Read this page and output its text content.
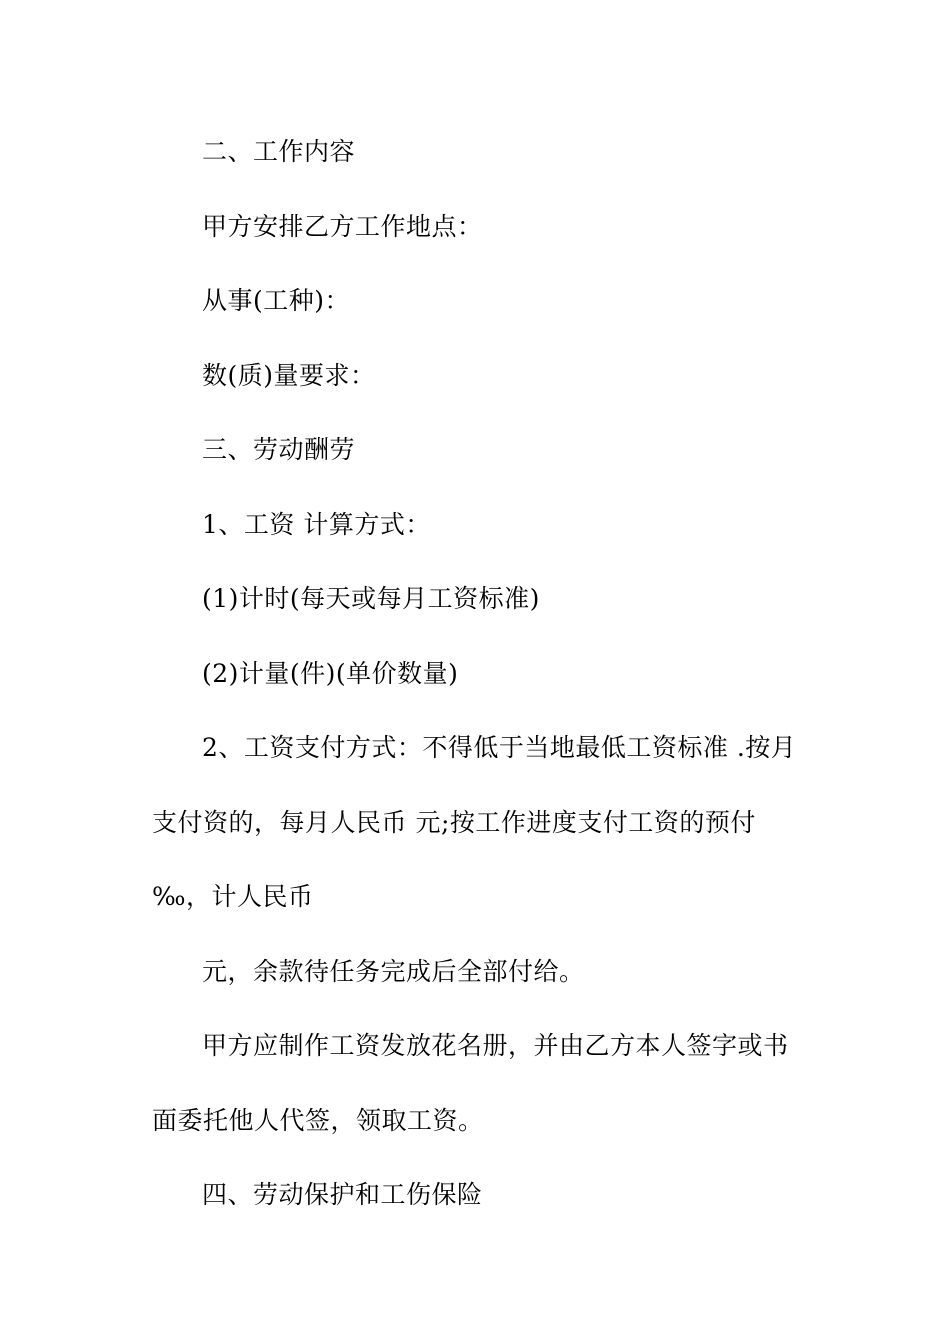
二、工作内容
甲方安排乙方工作地点：
从事(工种)：
数(质)量要求：
三、劳动酬劳
1、工资 计算方式：
(1)计时(每天或每月工资标准)
(2)计量(件)(单价数量)
2、工资支付方式：不得低于当地最低工资标准 .按月
支付资的，每月人民币 元;按工作进度支付工资的预付
‰，计人民币
元，余款待任务完成后全部付给。
甲方应制作工资发放花名册，并由乙方本人签字或书
面委托他人代签，领取工资。
四、劳动保护和工伤保险
